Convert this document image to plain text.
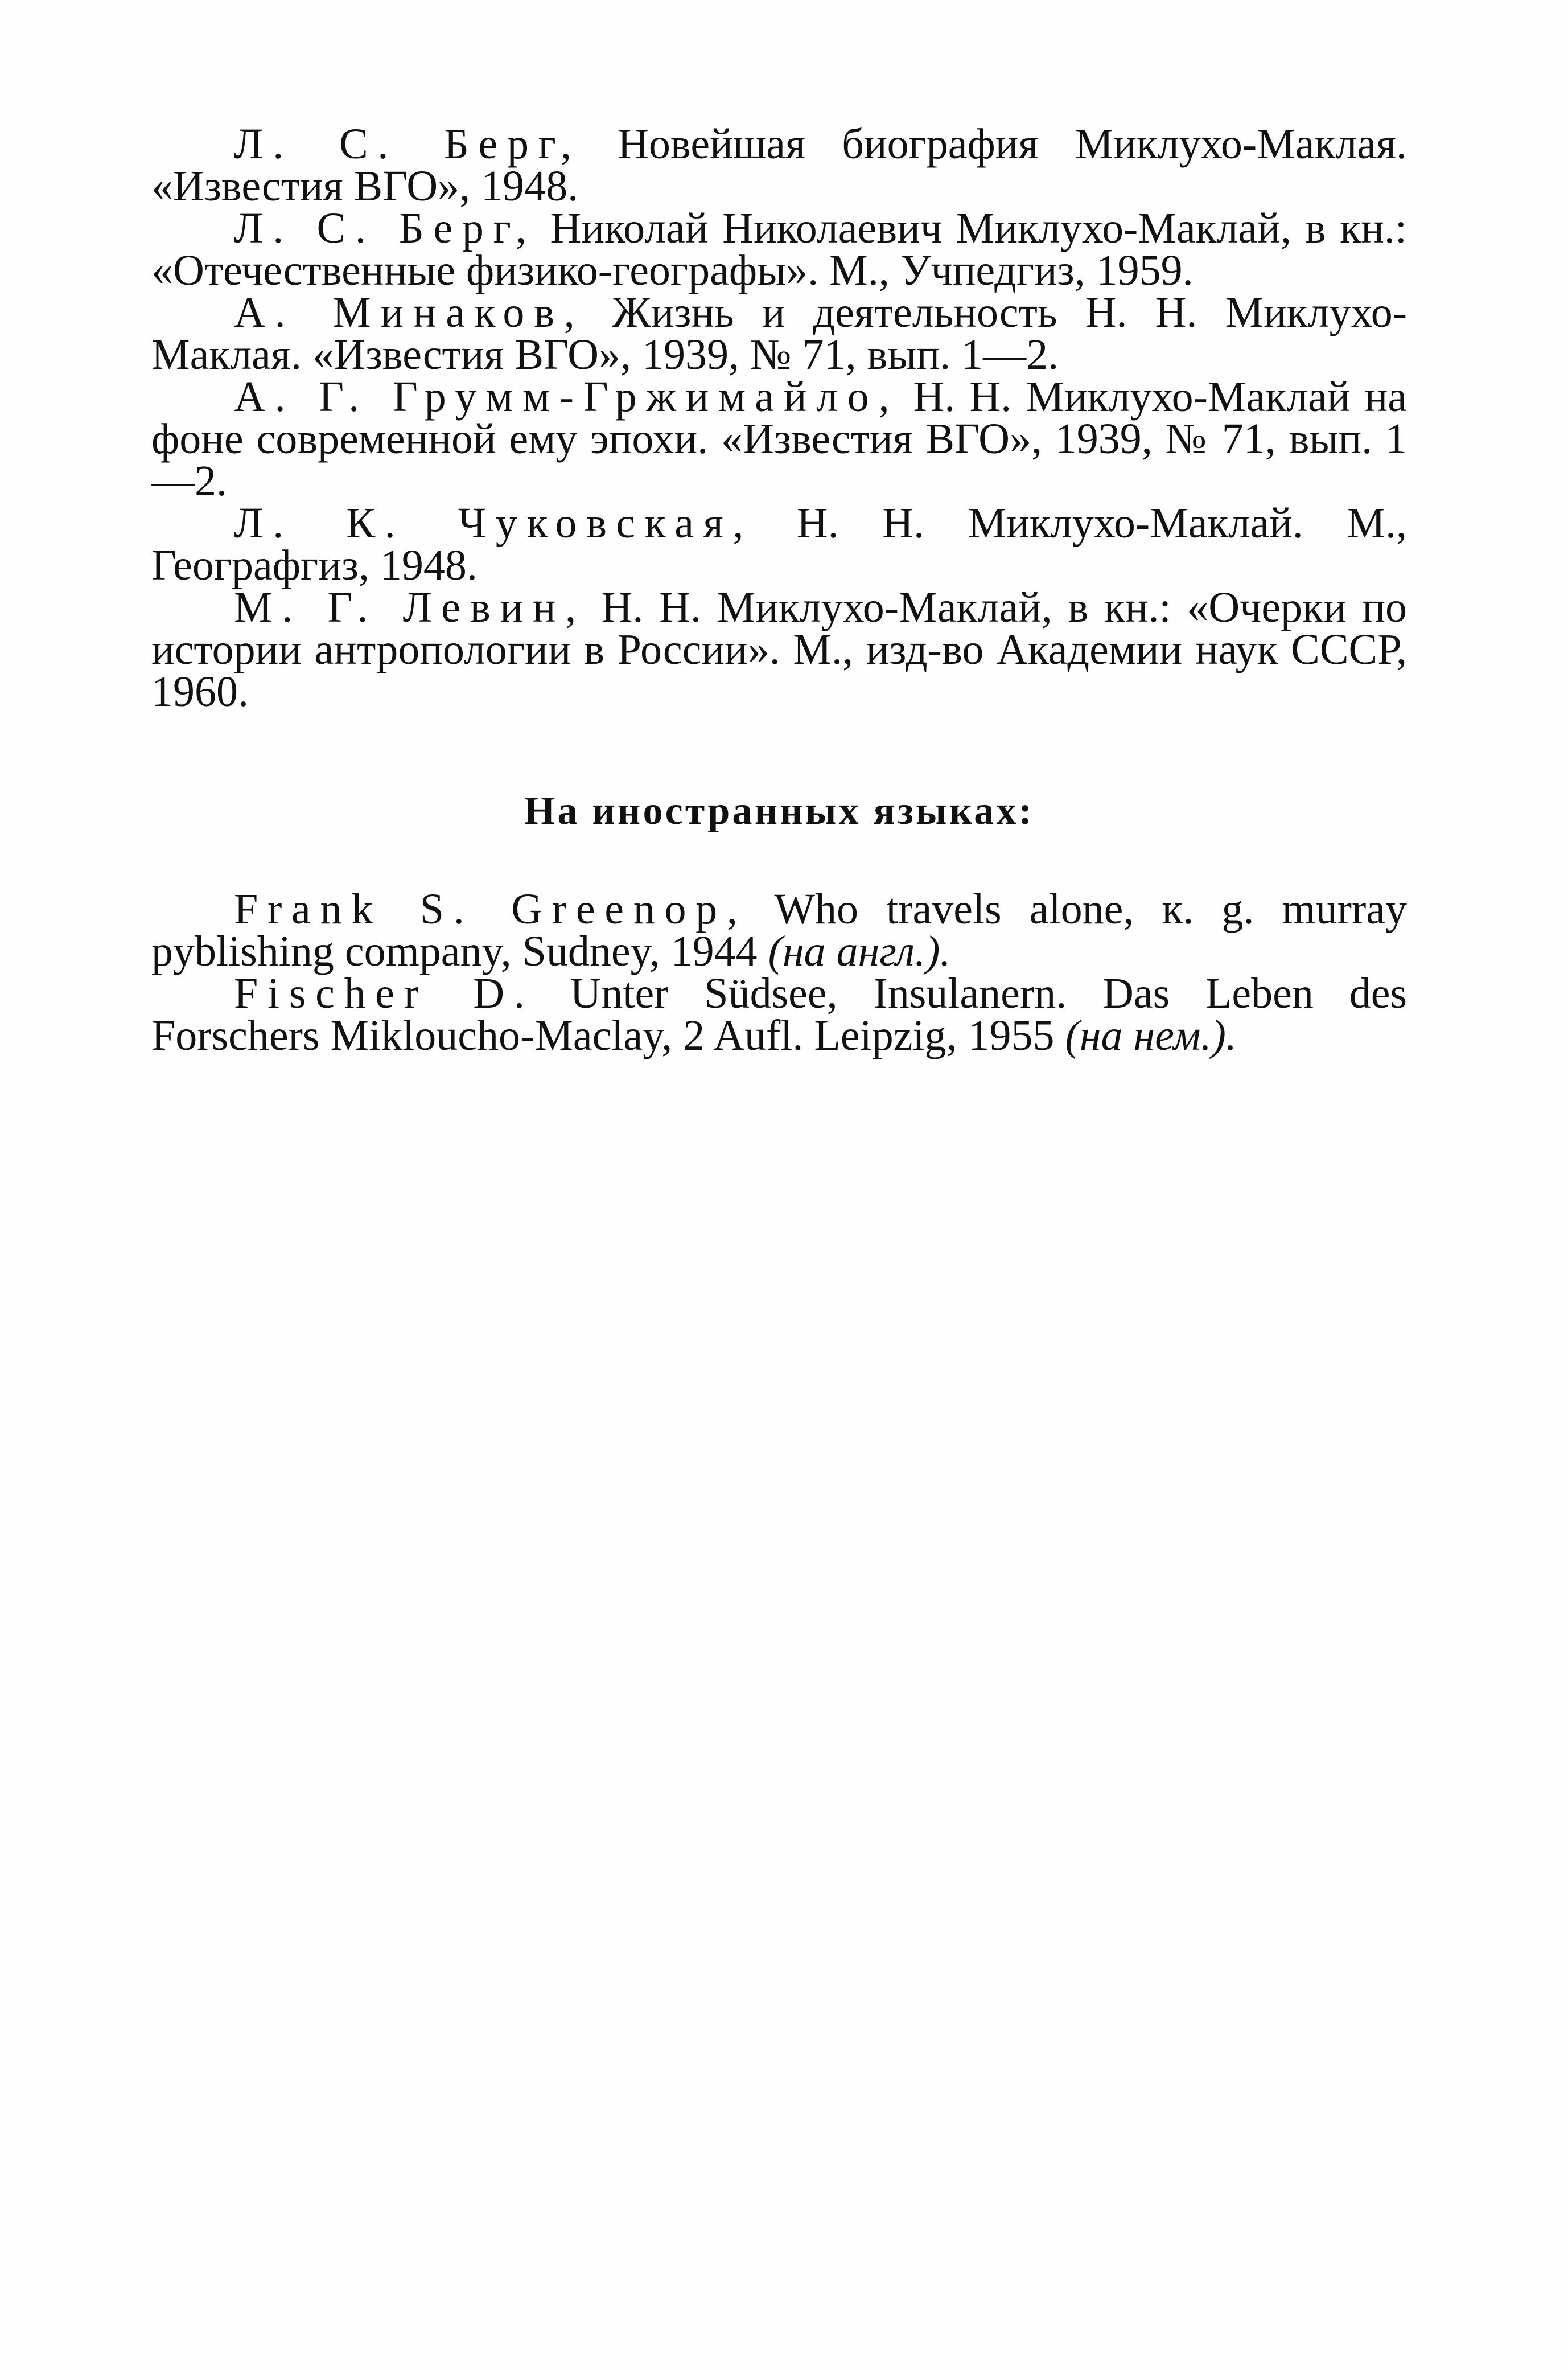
Л. С. Берг, Новейшая биография Миклухо-Маклая. «Известия ВГО», 1948.

Л. С. Берг, Николай Николаевич Миклухо-Маклай, в кн.: «Отечественные физико-географы». М., Учпедгиз, 1959.

А. Минаков, Жизнь и деятельность Н. Н. Миклухо-Маклая. «Известия ВГО», 1939, № 71, вып. 1—2.

А. Г. Грумм-Гржимайло, Н. Н. Миклухо-Маклай на фоне современной ему эпохи. «Известия ВГО», 1939, № 71, вып. 1—2.

Л. К. Чуковская, Н. Н. Миклухо-Маклай. М., Географгиз, 1948.

М. Г. Левин, Н. Н. Миклухо-Маклай, в кн.: «Очерки по истории антропологии в России». М., изд-во Академии наук СССР, 1960.

На иностранных языках:

Frank S. Greenop, Who travels alone, к. g. murray pyblishing company, Sudney, 1944 (на англ.).

Fischer D. Unter Südsee, Insulanern. Das Leben des Forschers Mikloucho-Maclay, 2 Aufl. Leipzig, 1955 (на нем.).
